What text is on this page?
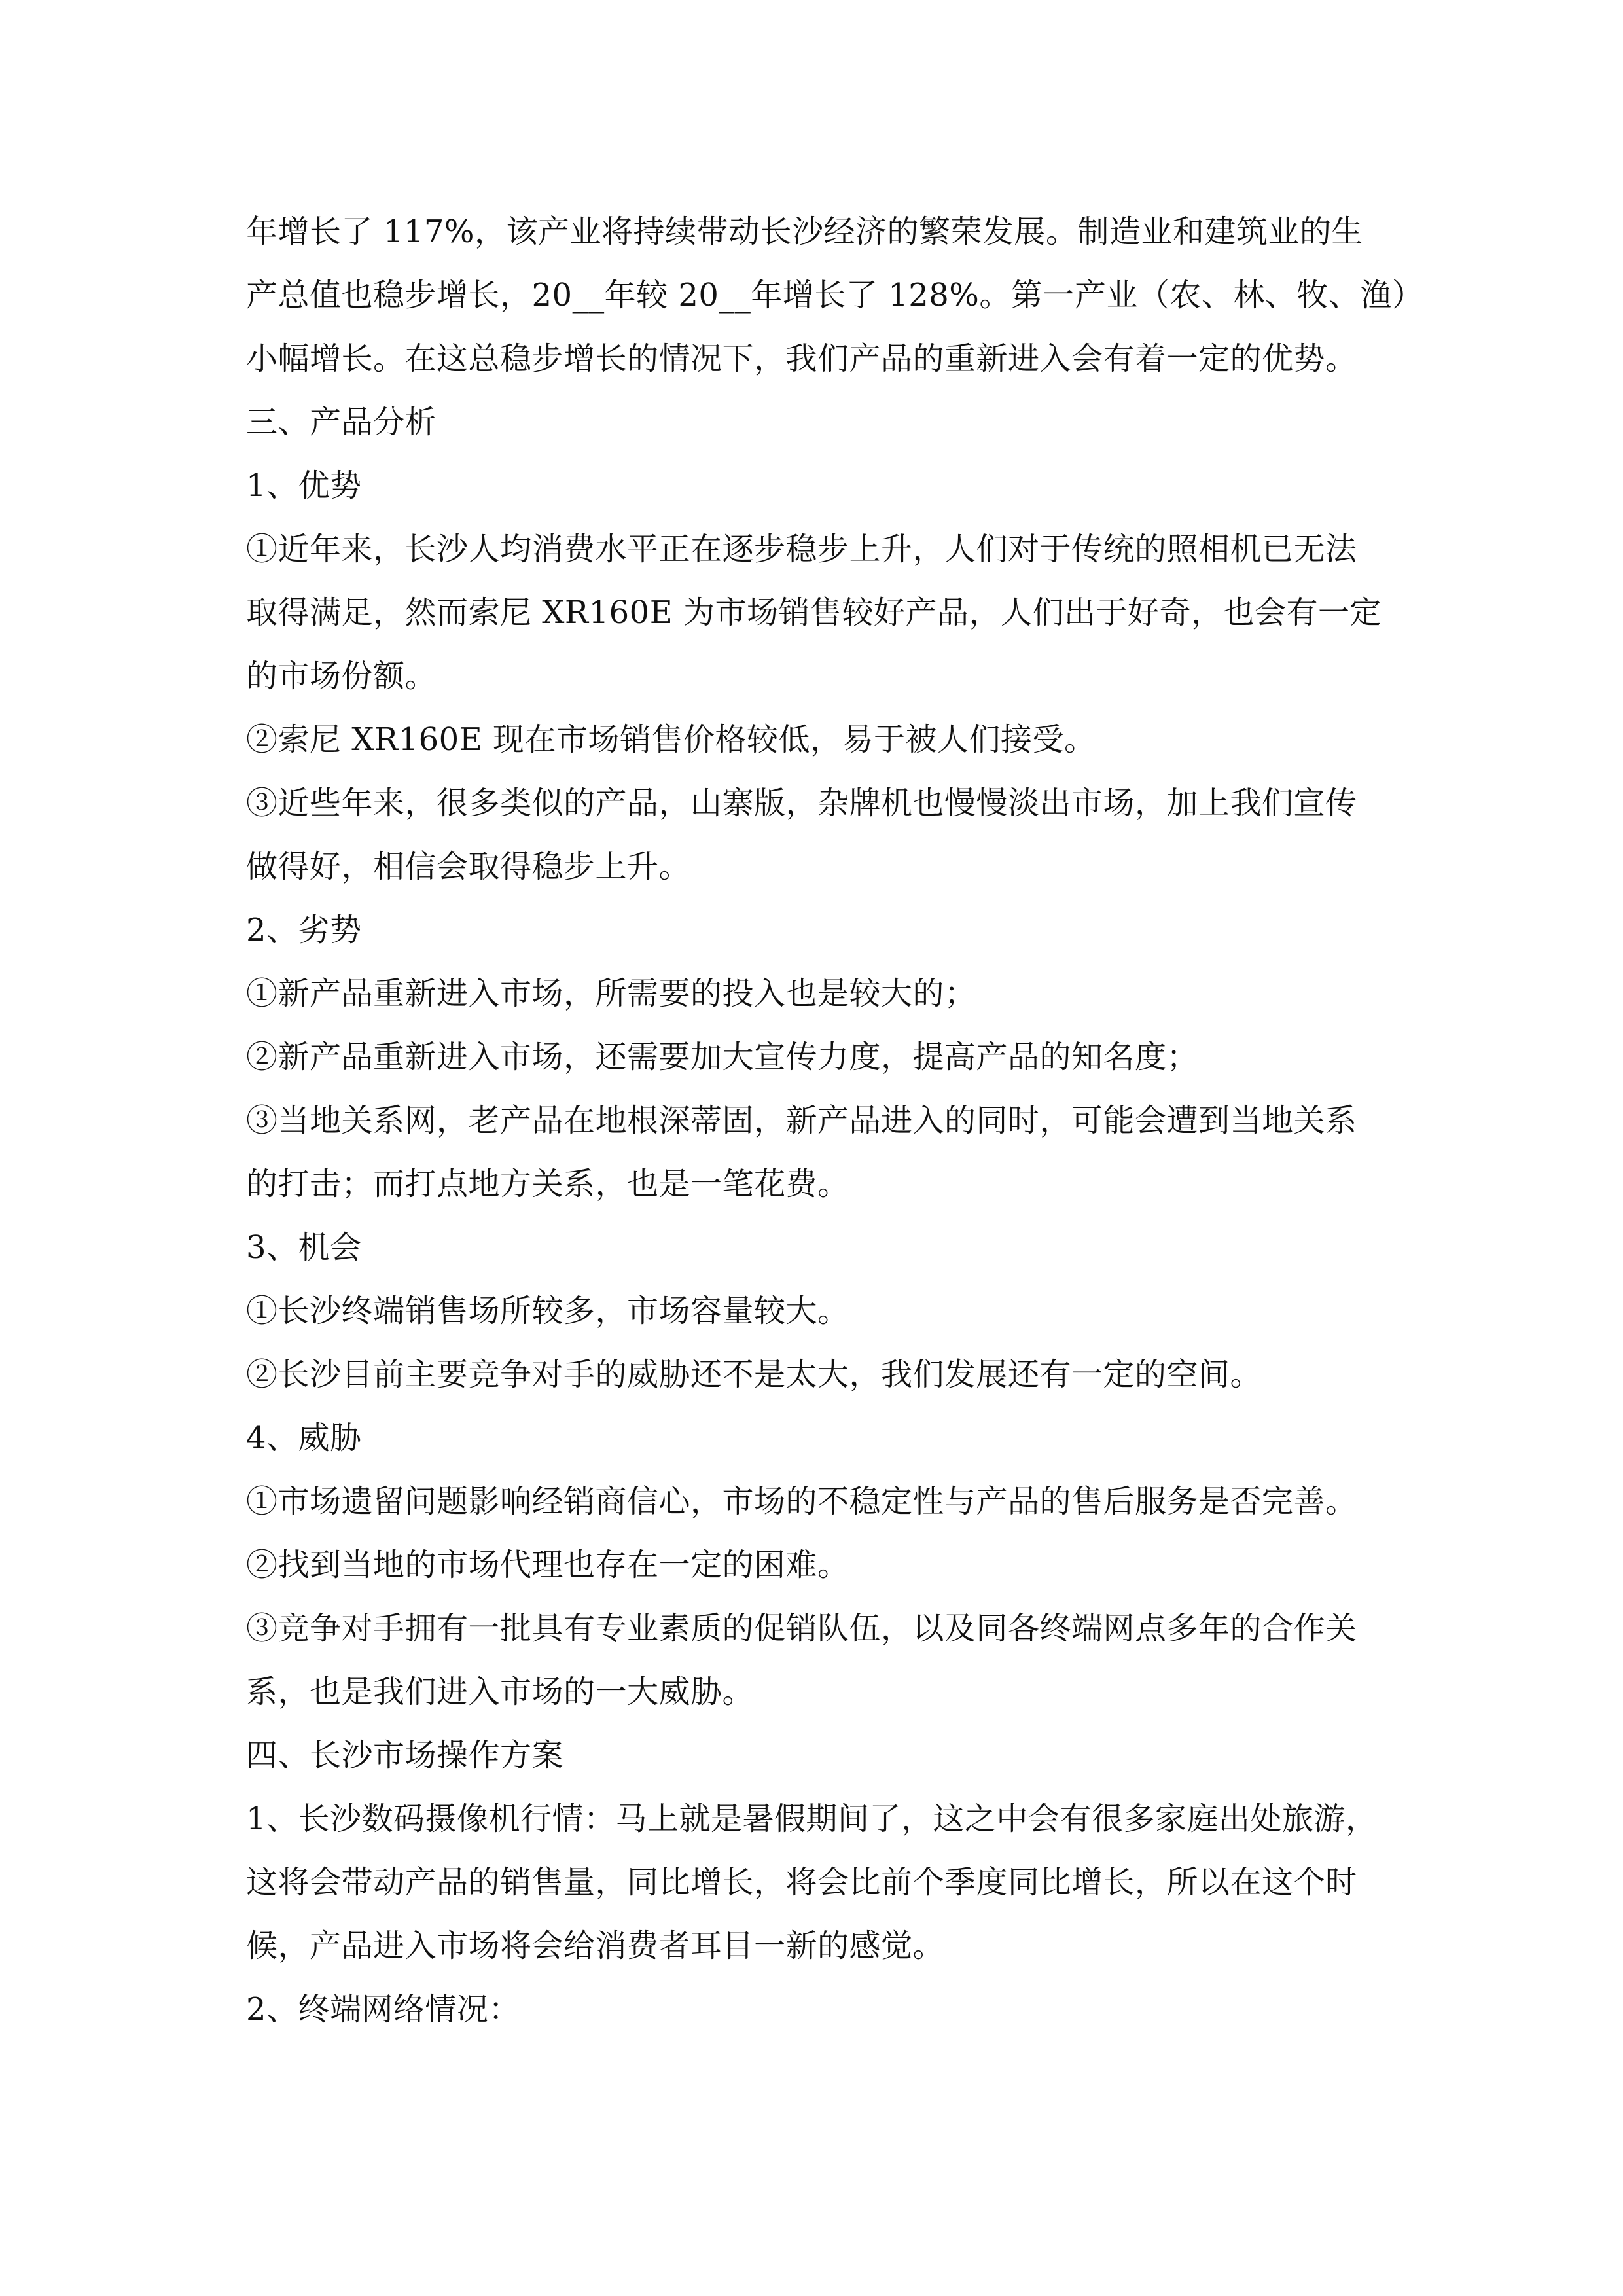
年增长了 117%，该产业将持续带动长沙经济的繁荣发展。制造业和建筑业的生
产总值也稳步增长，20__年较 20__年增长了 128%。第一产业（农、林、牧、渔）
小幅增长。在这总稳步增长的情况下，我们产品的重新进入会有着一定的优势。
三、产品分析
1、优势
①近年来，长沙人均消费水平正在逐步稳步上升，人们对于传统的照相机已无法
取得满足，然而索尼 XR160E 为市场销售较好产品，人们出于好奇，也会有一定
的市场份额。
②索尼 XR160E 现在市场销售价格较低，易于被人们接受。
③近些年来，很多类似的产品，山寨版，杂牌机也慢慢淡出市场，加上我们宣传
做得好，相信会取得稳步上升。
2、劣势
①新产品重新进入市场，所需要的投入也是较大的；
②新产品重新进入市场，还需要加大宣传力度，提高产品的知名度；
③当地关系网，老产品在地根深蒂固，新产品进入的同时，可能会遭到当地关系
的打击；而打点地方关系，也是一笔花费。
3、机会
①长沙终端销售场所较多，市场容量较大。
②长沙目前主要竞争对手的威胁还不是太大，我们发展还有一定的空间。
4、威胁
①市场遗留问题影响经销商信心，市场的不稳定性与产品的售后服务是否完善。
②找到当地的市场代理也存在一定的困难。
③竞争对手拥有一批具有专业素质的促销队伍，以及同各终端网点多年的合作关
系，也是我们进入市场的一大威胁。
四、长沙市场操作方案
1、长沙数码摄像机行情：马上就是暑假期间了，这之中会有很多家庭出处旅游，
这将会带动产品的销售量，同比增长，将会比前个季度同比增长，所以在这个时
候，产品进入市场将会给消费者耳目一新的感觉。
2、终端网络情况：
